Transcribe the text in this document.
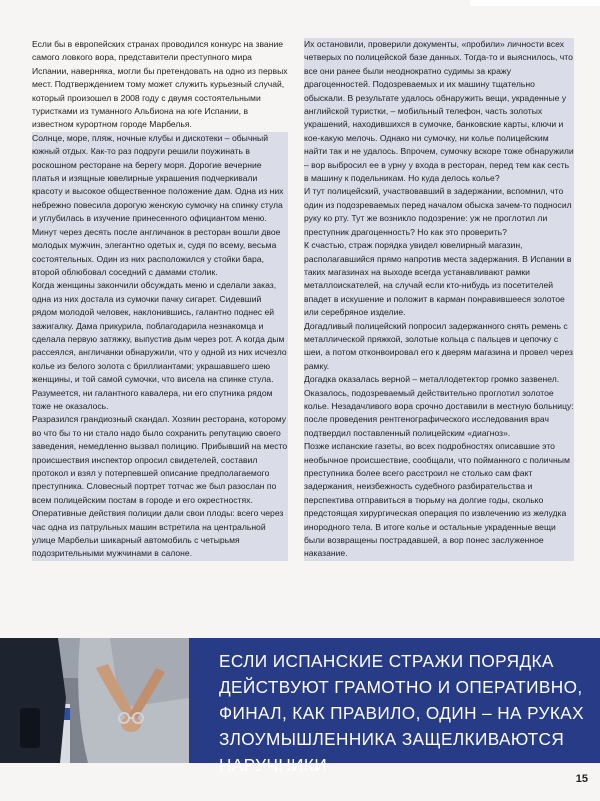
Если бы в европейских странах проводился конкурс на звание самого ловкого вора, представители преступного мира Испании, наверняка, могли бы претендовать на одно из первых мест. Подтверждением тому может служить курьезный случай, который произошел в 2008 году с двумя состоятельными туристками из туманного Альбиона на юге Испании, в известном курортном городе Марбелья.

Солнце, море, пляж, ночные клубы и дискотеки – обычный южный отдых. Как-то раз подруги решили поужинать в роскошном ресторане на берегу моря. Дорогие вечерние платья и изящные ювелирные украшения подчеркивали красоту и высокое общественное положение дам. Одна из них небрежно повесила дорогую женскую сумочку на спинку стула и углубилась в изучение принесенного официантом меню. Минут через десять после англичанок в ресторан вошли двое молодых мужчин, элегантно одетых и, судя по всему, весьма состоятельных. Один из них расположился у стойки бара, второй облюбовал соседний с дамами столик.

Когда женщины закончили обсуждать меню и сделали заказ, одна из них достала из сумочки пачку сигарет. Сидевший рядом молодой человек, наклонившись, галантно поднес ей зажигалку. Дама прикурила, поблагодарила незнакомца и сделала первую затяжку, выпустив дым через рот. А когда дым рассеялся, англичанки обнаружили, что у одной из них исчезло колье из белого золота с бриллиантами; украшавшего шею женщины, и той самой сумочки, что висела на спинке стула. Разумеется, ни галантного кавалера, ни его спутника рядом тоже не оказалось.

Разразился грандиозный скандал. Хозяин ресторана, которому во что бы то ни стало надо было сохранить репутацию своего заведения, немедленно вызвал полицию. Прибывший на место происшествия инспектор опросил свидетелей, составил протокол и взял у потерпевшей описание предполагаемого преступника. Словесный портрет тотчас же был разослан по всем полицейским постам в городе и его окрестностях.

Оперативные действия полиции дали свои плоды: всего через час одна из патрульных машин встретила на центральной улице Марбельи шикарный автомобиль с четырьмя подозрительными мужчинами в салоне.

Их остановили, проверили документы, «пробили» личности всех четверых по полицейской базе данных. Тогда-то и выяснилось, что все они ранее были неоднократно судимы за кражу драгоценностей. Подозреваемых и их машину тщательно обыскали. В результате удалось обнаружить вещи, украденные у английской туристки, – мобильный телефон, часть золотых украшений, находившихся в сумочке, банковские карты, ключи и кое-какую мелочь. Однако ни сумочку, ни колье полицейским найти так и не удалось. Впрочем, сумочку вскоре тоже обнаружили – вор выбросил ее в урну у входа в ресторан, перед тем как сесть в машину к подельникам. Но куда делось колье?

И тут полицейский, участвовавший в задержании, вспомнил, что один из подозреваемых перед началом обыска зачем-то подносил руку ко рту. Тут же возникло подозрение: уж не проглотил ли преступник драгоценность? Но как это проверить?

К счастью, страж порядка увидел ювелирный магазин, располагавшийся прямо напротив места задержания. В Испании в таких магазинах на выходе всегда устанавливают рамки металлоискателей, на случай если кто-нибудь из посетителей впадет в искушение и положит в карман понравившееся золотое или серебряное изделие.

Догадливый полицейский попросил задержанного снять ремень с металлической пряжкой, золотые кольца с пальцев и цепочку с шеи, а потом отконвоировал его к дверям магазина и провел через рамку.

Догадка оказалась верной – металлодетектор громко зазвенел. Оказалось, подозреваемый действительно проглотил золотое колье. Незадачливого вора срочно доставили в местную больницу: после проведения рентгенографического исследования врач подтвердил поставленный полицейским «диагноз».

Позже испанские газеты, во всех подробностях описавшие это необычное происшествие, сообщали, что пойманного с поличным преступника более всего расстроил не столько сам факт задержания, неизбежность судебного разбирательства и перспектива отправиться в тюрьму на долгие годы, сколько предстоящая хирургическая операция по извлечению из желудка инородного тела. В итоге колье и остальные украденные вещи были возвращены пострадавшей, а вор понес заслуженное наказание.

ЕСЛИ ИСПАНСКИЕ СТРАЖИ ПОРЯДКА ДЕЙСТВУЮТ ГРАМОТНО И ОПЕРАТИВНО, ФИНАЛ, КАК ПРАВИЛО, ОДИН – НА РУКАХ ЗЛОУМЫШЛЕННИКА ЗАЩЕЛКИВАЮТСЯ НАРУЧНИКИ
15
